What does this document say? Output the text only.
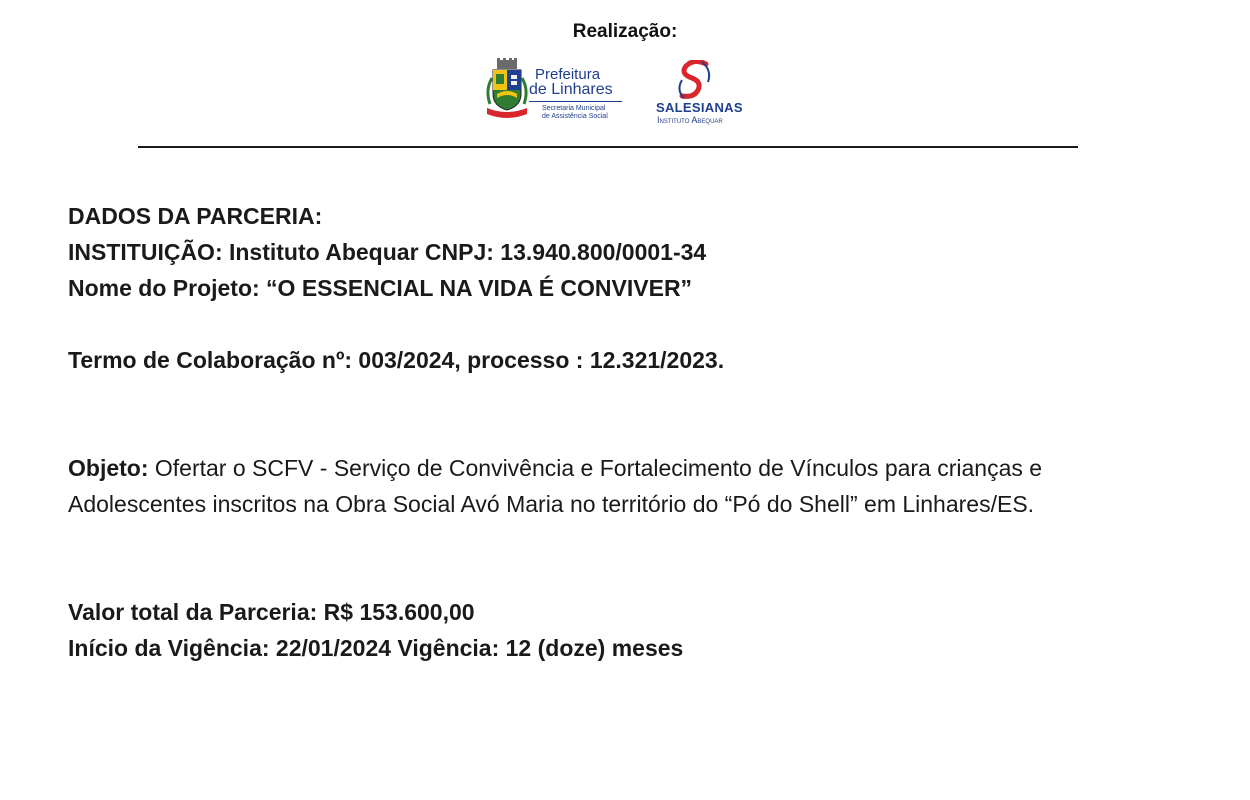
Realização:
Prefeitura
de Linhares
Secretaria Municipal
de Assistência Social
SALESIANAS
Instituto Abequar

DADOS DA PARCERIA:

INSTITUIÇÃO: Instituto Abequar CNPJ: 13.940.800/0001-34

Nome do Projeto: “O ESSENCIAL NA VIDA É CONVIVER”

Termo de Colaboração nº: 003/2024, processo : 12.321/2023.

Objeto: Ofertar o SCFV - Serviço de Convivência e Fortalecimento de Vínculos para crianças e Adolescentes inscritos na Obra Social Avó Maria no território do “Pó do Shell” em Linhares/ES.

Valor total da Parceria: R$ 153.600,00

Início da Vigência: 22/01/2024 Vigência: 12 (doze) meses
